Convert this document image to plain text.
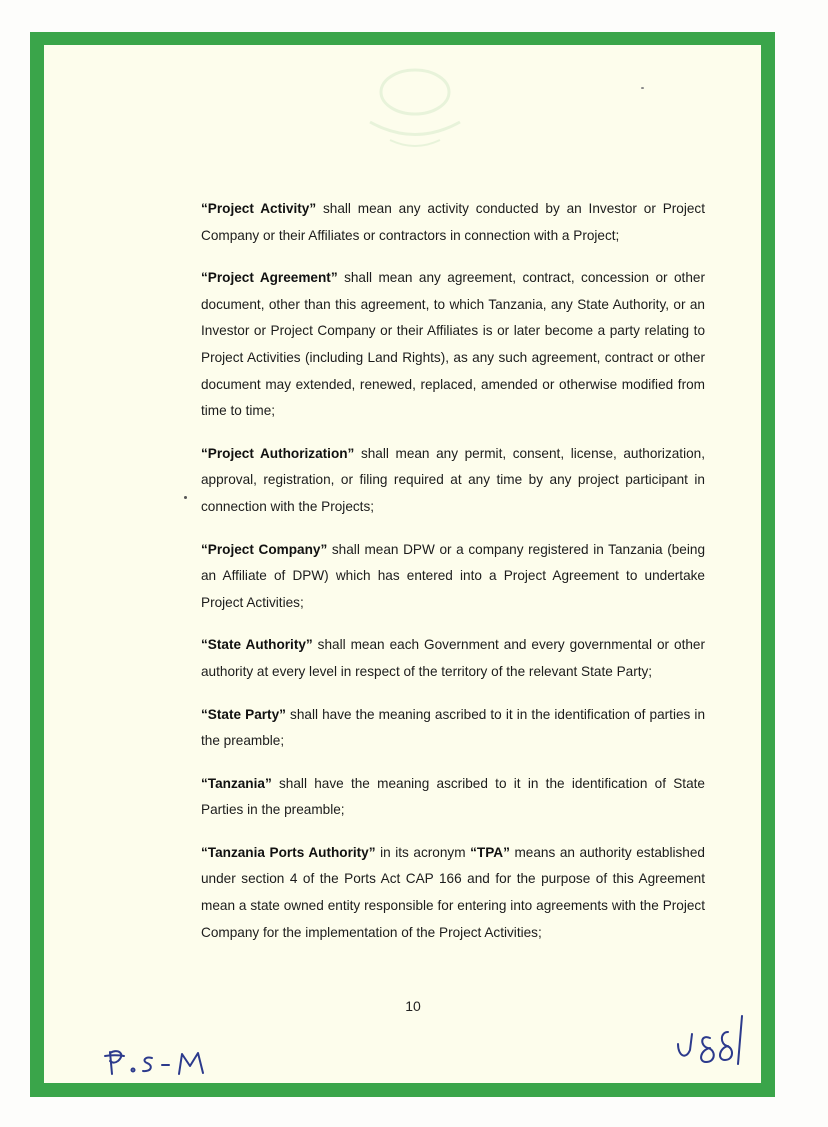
“Project Activity” shall mean any activity conducted by an Investor or Project Company or their Affiliates or contractors in connection with a Project;

“Project Agreement” shall mean any agreement, contract, concession or other document, other than this agreement, to which Tanzania, any State Authority, or an Investor or Project Company or their Affiliates is or later become a party relating to Project Activities (including Land Rights), as any such agreement, contract or other document may extended, renewed, replaced, amended or otherwise modified from time to time;

“Project Authorization” shall mean any permit, consent, license, authorization, approval, registration, or filing required at any time by any project participant in connection with the Projects;

“Project Company” shall mean DPW or a company registered in Tanzania (being an Affiliate of DPW) which has entered into a Project Agreement to undertake Project Activities;

“State Authority” shall mean each Government and every governmental or other authority at every level in respect of the territory of the relevant State Party;

“State Party” shall have the meaning ascribed to it in the identification of parties in the preamble;

“Tanzania” shall have the meaning ascribed to it in the identification of State Parties in the preamble;

“Tanzania Ports Authority” in its acronym “TPA” means an authority established under section 4 of the Ports Act CAP 166 and for the purpose of this Agreement mean a state owned entity responsible for entering into agreements with the Project Company for the implementation of the Project Activities;

10
